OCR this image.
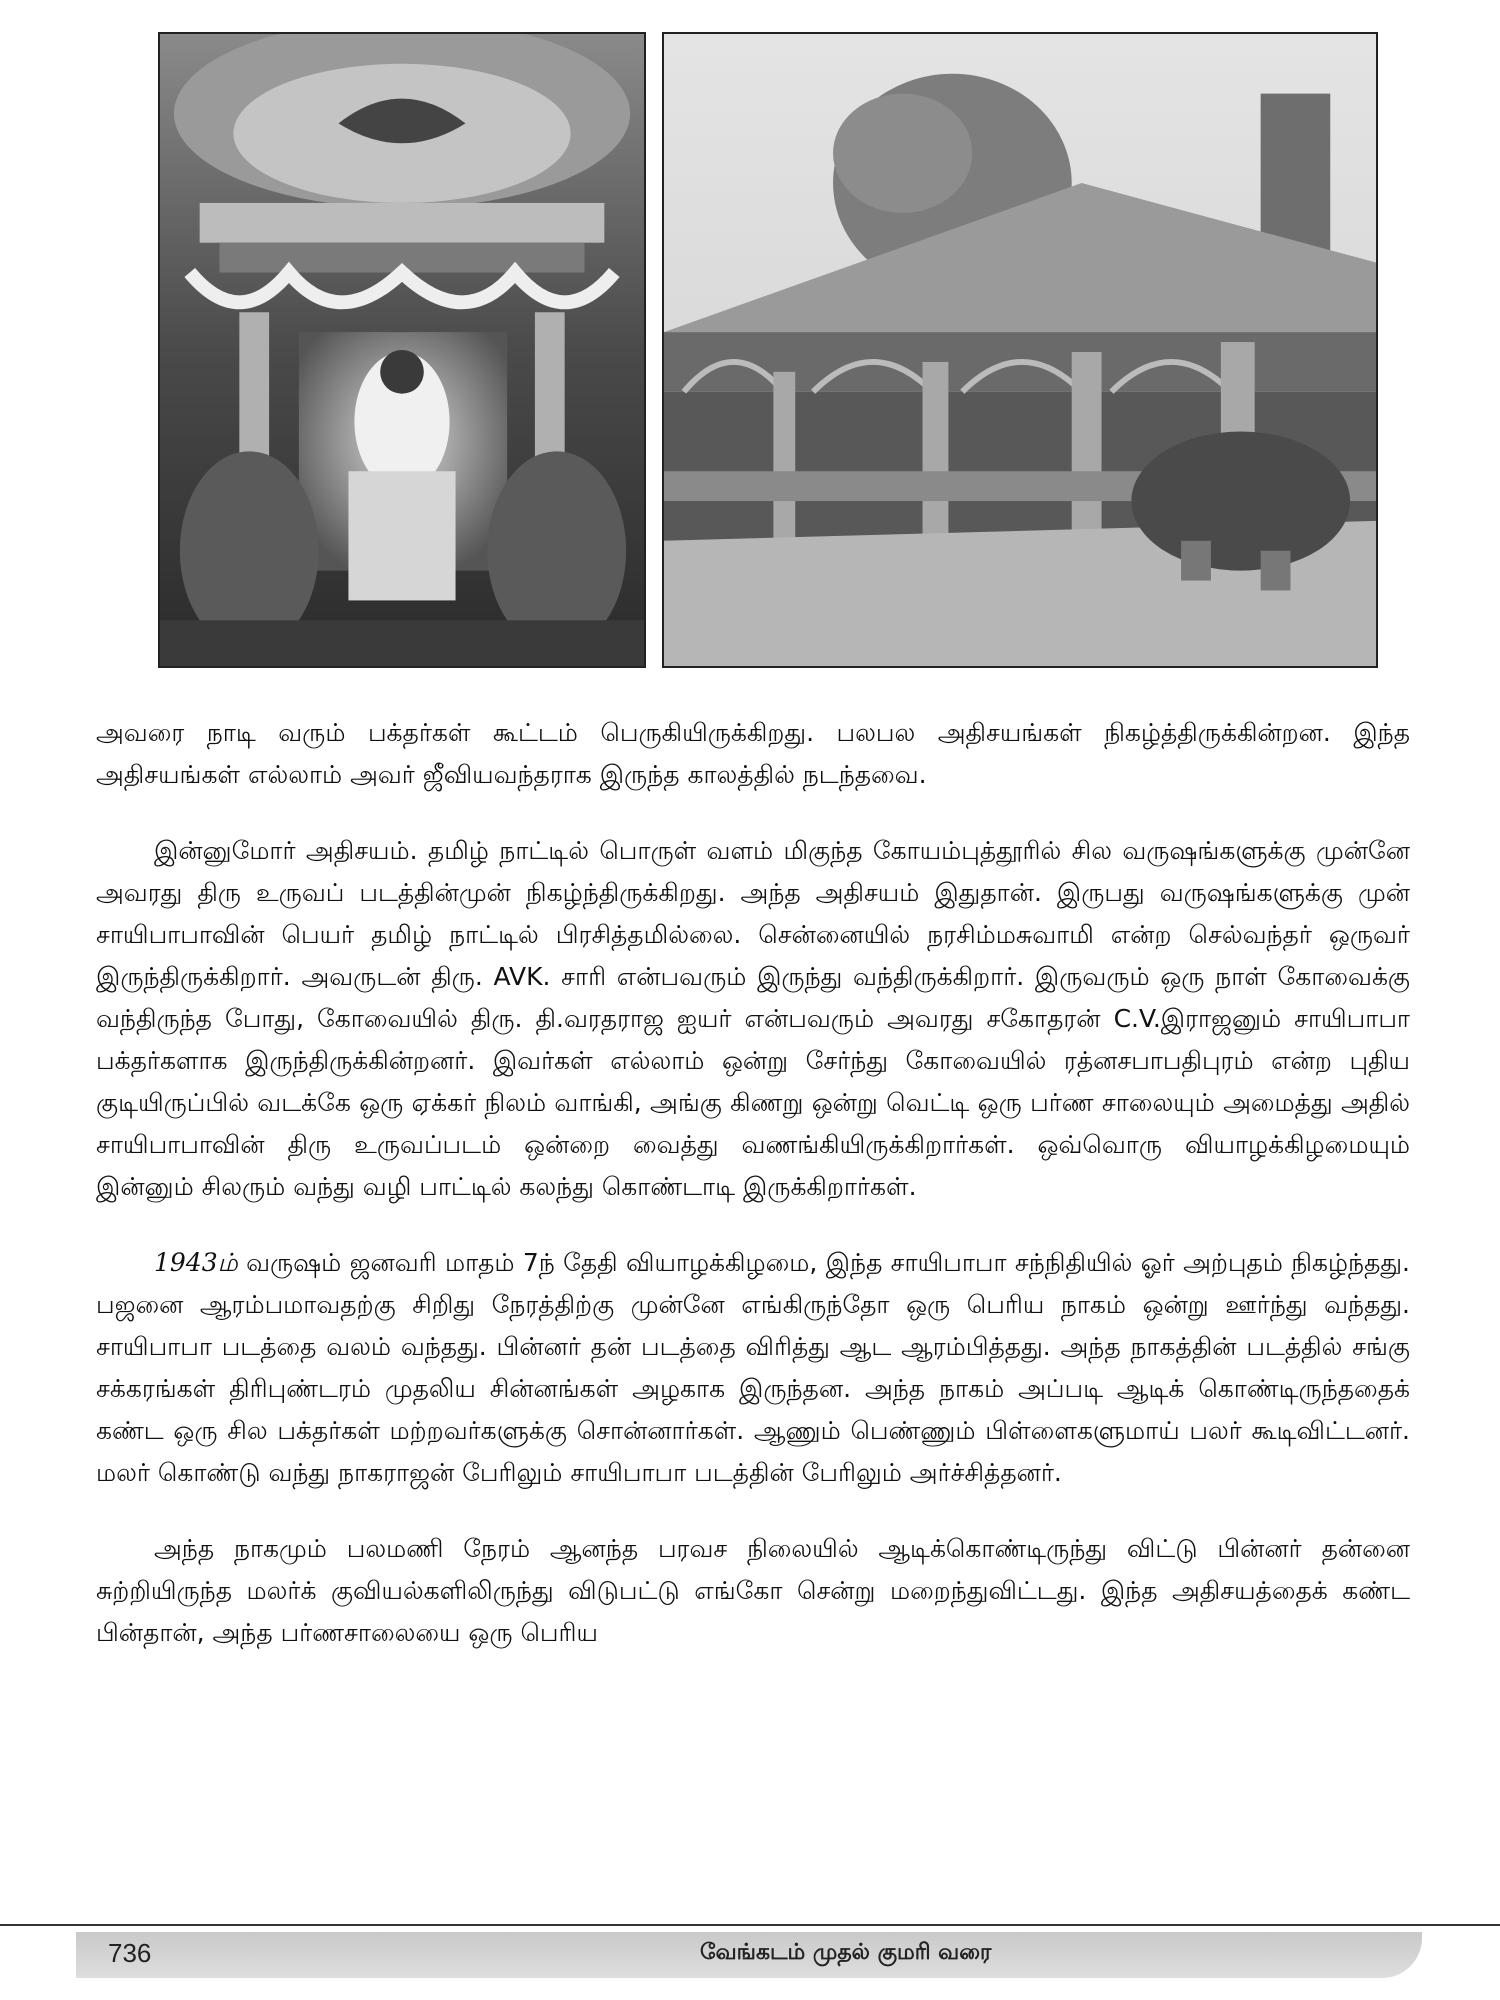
அவரை நாடி வரும் பக்தர்கள் கூட்டம் பெருகியிருக்கிறது. பலபல அதிசயங்கள் நிகழ்த்திருக்கின்றன. இந்த அதிசயங்கள் எல்லாம் அவர் ஜீவியவந்தராக இருந்த காலத்தில் நடந்தவை.

இன்னுமோர் அதிசயம். தமிழ் நாட்டில் பொருள் வளம் மிகுந்த கோயம்புத்தூரில் சில வருஷங்களுக்கு முன்னே அவரது திரு உருவப் படத்தின்முன் நிகழ்ந்திருக்கிறது. அந்த அதிசயம் இதுதான். இருபது வருஷங்களுக்கு முன் சாயிபாபாவின் பெயர் தமிழ் நாட்டில் பிரசித்தமில்லை. சென்னையில் நரசிம்மசுவாமி என்ற செல்வந்தர் ஒருவர் இருந்திருக்கிறார். அவருடன் திரு. AVK. சாரி என்பவரும் இருந்து வந்திருக்கிறார். இருவரும் ஒரு நாள் கோவைக்கு வந்திருந்த போது, கோவையில் திரு. தி.வரதராஜ ஐயர் என்பவரும் அவரது சகோதரன் C.V.இராஜனும் சாயிபாபா பக்தர்களாக இருந்திருக்கின்றனர். இவர்கள் எல்லாம் ஒன்று சேர்ந்து கோவையில் ரத்னசபாபதிபுரம் என்ற புதிய குடியிருப்பில் வடக்கே ஒரு ஏக்கர் நிலம் வாங்கி, அங்கு கிணறு ஒன்று வெட்டி ஒரு பர்ண சாலையும் அமைத்து அதில் சாயிபாபாவின் திரு உருவப்படம் ஒன்றை வைத்து வணங்கியிருக்கிறார்கள். ஒவ்வொரு வியாழக்கிழமையும் இன்னும் சிலரும் வந்து வழி பாட்டில் கலந்து கொண்டாடி இருக்கிறார்கள்.

1943ம் வருஷம் ஜனவரி மாதம் 7ந் தேதி வியாழக்கிழமை, இந்த சாயிபாபா சந்நிதியில் ஓர் அற்புதம் நிகழ்ந்தது. பஜனை ஆரம்பமாவதற்கு சிறிது நேரத்திற்கு முன்னே எங்கிருந்தோ ஒரு பெரிய நாகம் ஒன்று ஊர்ந்து வந்தது. சாயிபாபா படத்தை வலம் வந்தது. பின்னர் தன் படத்தை விரித்து ஆட ஆரம்பித்தது. அந்த நாகத்தின் படத்தில் சங்கு சக்கரங்கள் திரிபுண்டரம் முதலிய சின்னங்கள் அழகாக இருந்தன. அந்த நாகம் அப்படி ஆடிக் கொண்டிருந்ததைக் கண்ட ஒரு சில பக்தர்கள் மற்றவர்களுக்கு சொன்னார்கள். ஆணும் பெண்ணும் பிள்ளைகளுமாய் பலர் கூடிவிட்டனர். மலர் கொண்டு வந்து நாகராஜன் பேரிலும் சாயிபாபா படத்தின் பேரிலும் அர்ச்சித்தனர்.

அந்த நாகமும் பலமணி நேரம் ஆனந்த பரவச நிலையில் ஆடிக்கொண்டிருந்து விட்டு பின்னர் தன்னை சுற்றியிருந்த மலர்க் குவியல்களிலிருந்து விடுபட்டு எங்கோ சென்று மறைந்துவிட்டது. இந்த அதிசயத்தைக் கண்ட பின்தான், அந்த பர்ணசாலையை ஒரு பெரிய

736	வேங்கடம் முதல் குமரி வரை
